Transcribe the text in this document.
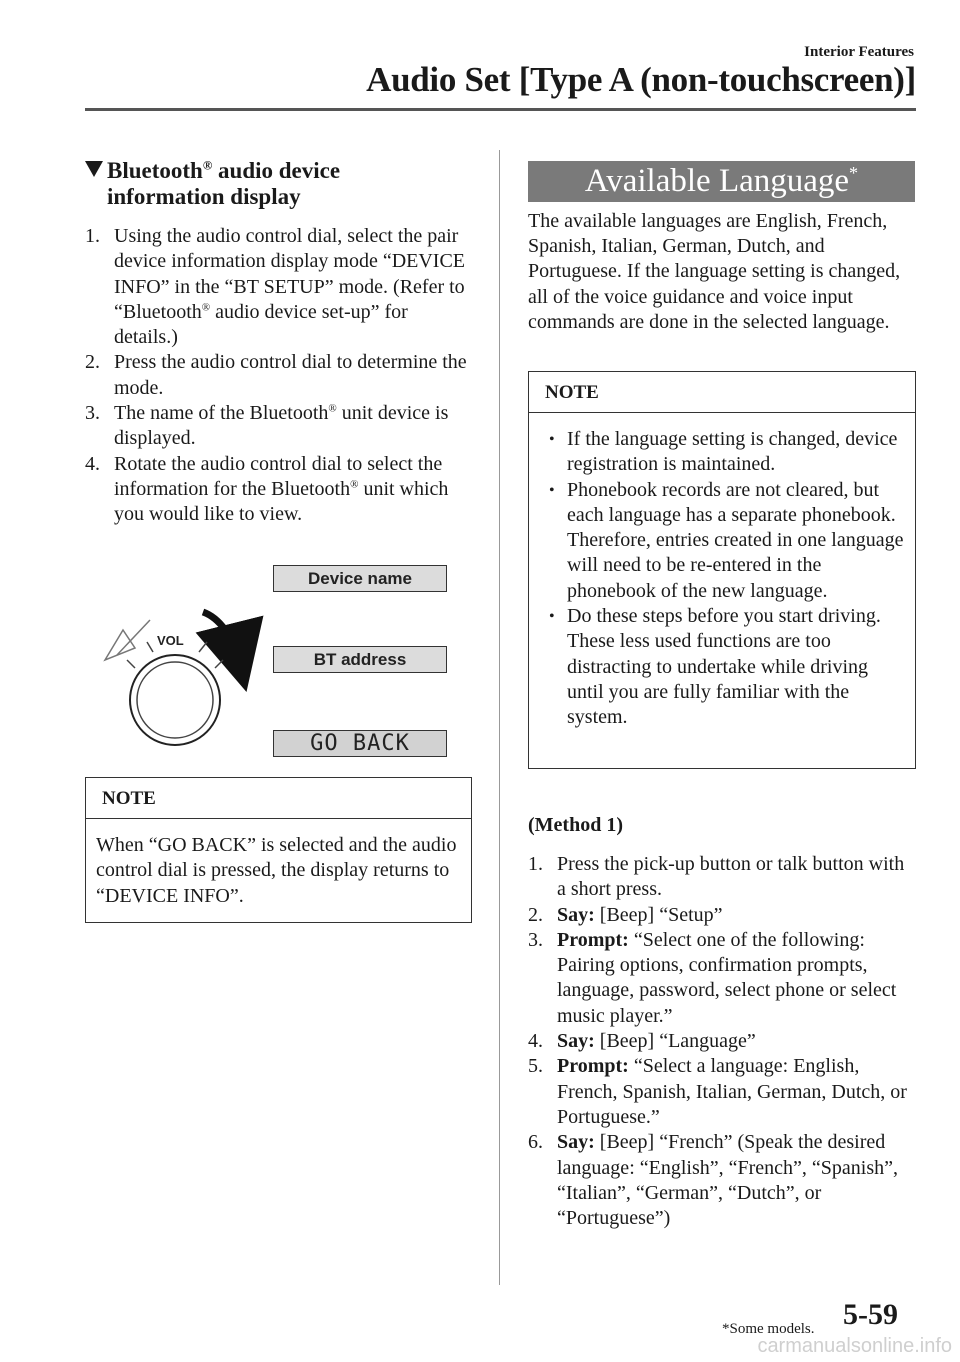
Interior Features
Audio Set [Type A (non-touchscreen)]
Bluetooth® audio device
information display
1. Using the audio control dial, select the pair device information display mode “DEVICE INFO” in the “BT SETUP” mode. (Refer to “Bluetooth® audio device set-up” for details.)
2. Press the audio control dial to determine the mode.
3. The name of the Bluetooth® unit device is displayed.
4. Rotate the audio control dial to select the information for the Bluetooth® unit which you would like to view.
VOL
Device name
BT address
GO BACK
NOTE
When “GO BACK” is selected and the audio control dial is pressed, the display returns to “DEVICE INFO”.
Available Language*
The available languages are English, French, Spanish, Italian, German, Dutch, and Portuguese. If the language setting is changed, all of the voice guidance and voice input commands are done in the selected language.
NOTE
• If the language setting is changed, device registration is maintained.
• Phonebook records are not cleared, but each language has a separate phonebook. Therefore, entries created in one language will need to be re-entered in the phonebook of the new language.
• Do these steps before you start driving. These less used functions are too distracting to undertake while driving until you are fully familiar with the system.
(Method 1)
1. Press the pick-up button or talk button with a short press.
2. Say: [Beep] “Setup”
3. Prompt: “Select one of the following: Pairing options, confirmation prompts, language, password, select phone or select music player.”
4. Say: [Beep] “Language”
5. Prompt: “Select a language: English, French, Spanish, Italian, German, Dutch, or Portuguese.”
6. Say: [Beep] “French” (Speak the desired language: “English”, “French”, “Spanish”, “Italian”, “German”, “Dutch”, or “Portuguese”)
*Some models. 5-59
carmanualsonline.info
